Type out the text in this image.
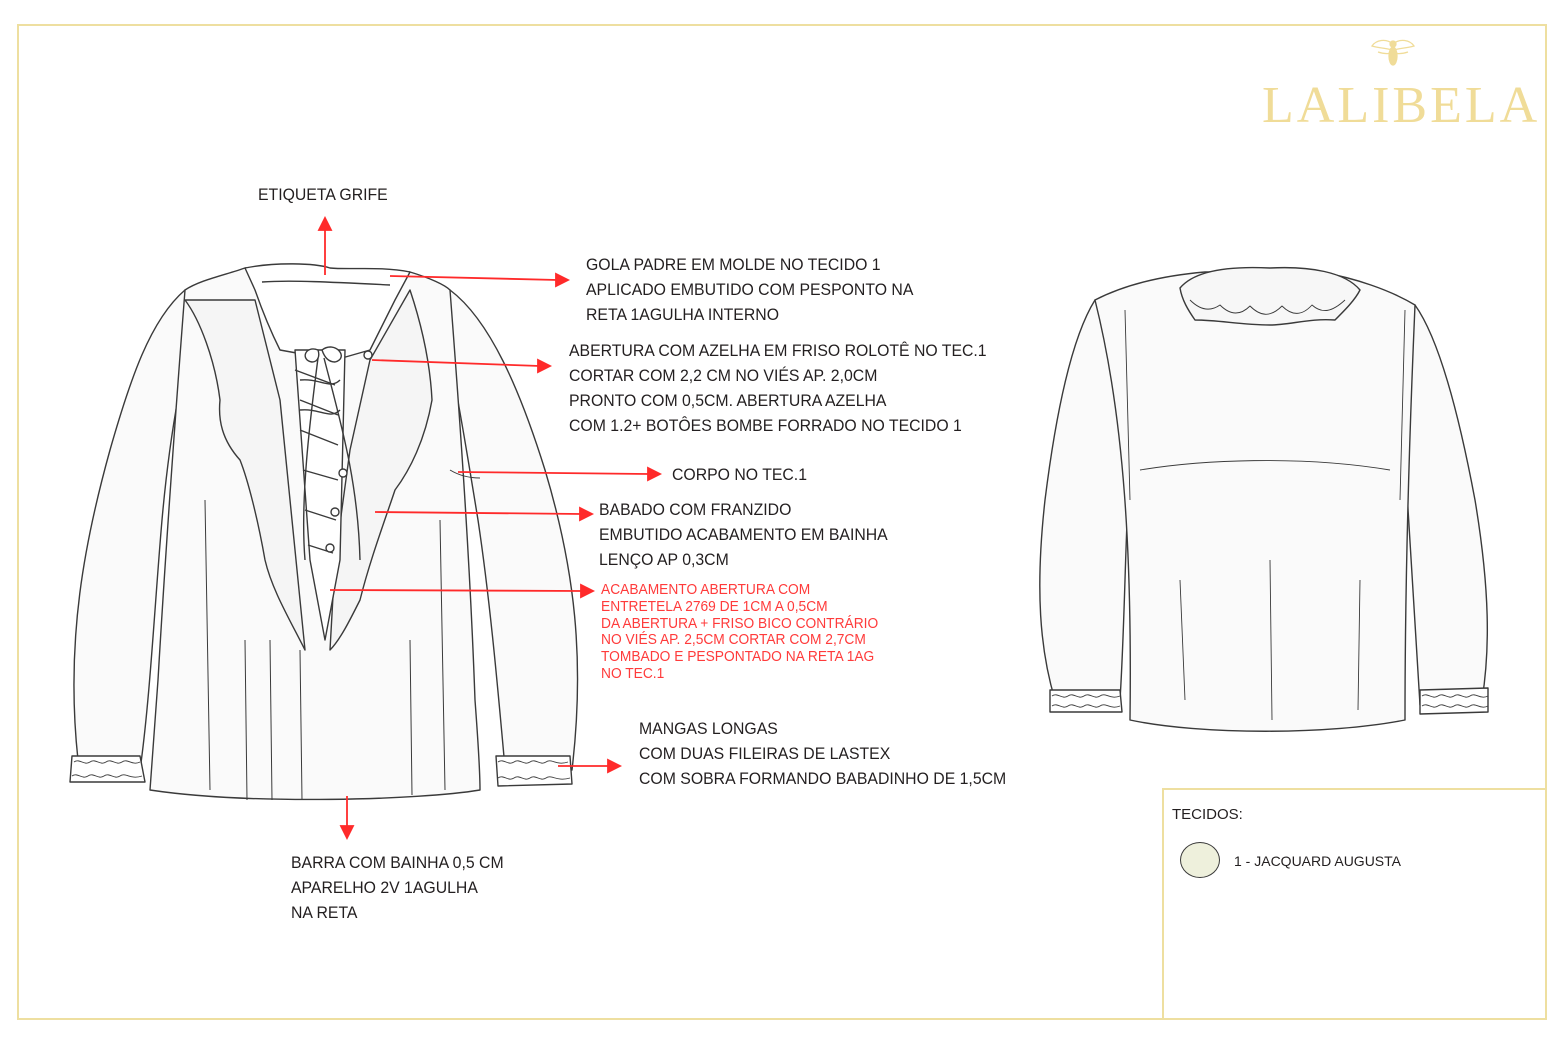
LALIBELA
ETIQUETA GRIFE
GOLA PADRE EM MOLDE NO TECIDO 1
APLICADO EMBUTIDO COM PESPONTO NA
RETA 1AGULHA INTERNO
ABERTURA COM AZELHA EM FRISO ROLOTÊ NO TEC.1
CORTAR COM 2,2 CM NO VIÉS AP. 2,0CM
PRONTO COM 0,5CM. ABERTURA AZELHA
COM 1.2+ BOTÔES BOMBE FORRADO NO TECIDO 1
CORPO NO TEC.1
BABADO COM FRANZIDO
EMBUTIDO ACABAMENTO EM BAINHA
LENÇO AP 0,3CM
ACABAMENTO ABERTURA COM
ENTRETELA 2769 DE 1CM A 0,5CM
DA ABERTURA + FRISO BICO CONTRÁRIO
NO VIÉS AP. 2,5CM CORTAR COM 2,7CM
TOMBADO E PESPONTADO NA RETA 1AG
NO TEC.1
MANGAS LONGAS
COM DUAS FILEIRAS DE LASTEX
COM SOBRA FORMANDO BABADINHO DE 1,5CM
BARRA COM BAINHA 0,5 CM
APARELHO 2V 1AGULHA
NA RETA
TECIDOS:
1 - JACQUARD AUGUSTA
